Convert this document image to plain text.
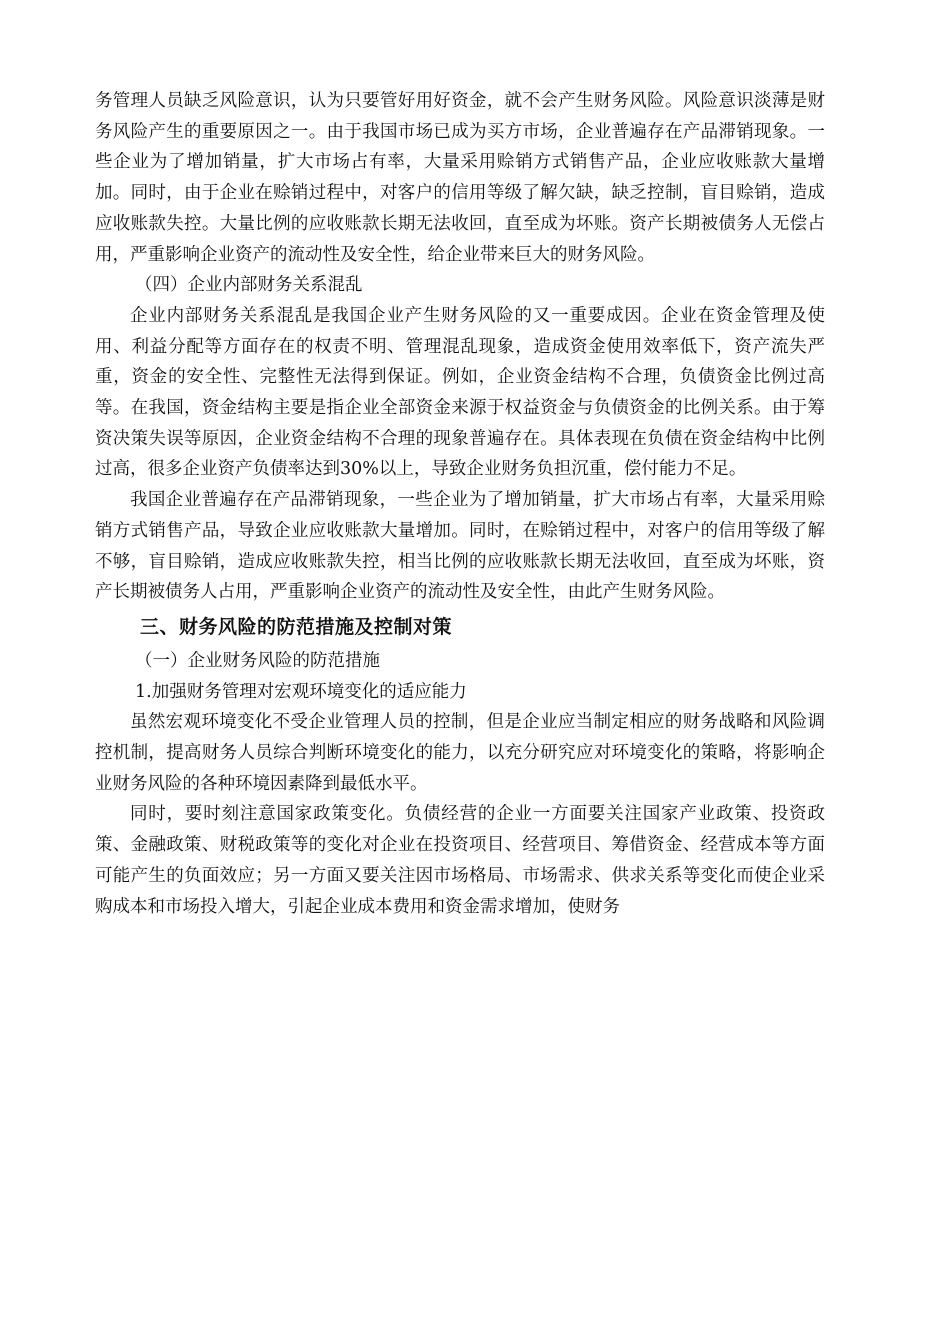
务管理人员缺乏风险意识，认为只要管好用好资金，就不会产生财务风险。风险意识淡薄是财务风险产生的重要原因之一。由于我国市场已成为买方市场，企业普遍存在产品滞销现象。一些企业为了增加销量，扩大市场占有率，大量采用赊销方式销售产品，企业应收账款大量增加。同时，由于企业在赊销过程中，对客户的信用等级了解欠缺，缺乏控制，盲目赊销，造成应收账款失控。大量比例的应收账款长期无法收回，直至成为坏账。资产长期被债务人无偿占用，严重影响企业资产的流动性及安全性，给企业带来巨大的财务风险。

（四）企业内部财务关系混乱

企业内部财务关系混乱是我国企业产生财务风险的又一重要成因。企业在资金管理及使用、利益分配等方面存在的权责不明、管理混乱现象，造成资金使用效率低下，资产流失严重，资金的安全性、完整性无法得到保证。例如，企业资金结构不合理，负债资金比例过高等。在我国，资金结构主要是指企业全部资金来源于权益资金与负债资金的比例关系。由于筹资决策失误等原因，企业资金结构不合理的现象普遍存在。具体表现在负债在资金结构中比例过高，很多企业资产负债率达到30%以上，导致企业财务负担沉重，偿付能力不足。

我国企业普遍存在产品滞销现象，一些企业为了增加销量，扩大市场占有率，大量采用赊销方式销售产品，导致企业应收账款大量增加。同时，在赊销过程中，对客户的信用等级了解不够，盲目赊销，造成应收账款失控，相当比例的应收账款长期无法收回，直至成为坏账，资产长期被债务人占用，严重影响企业资产的流动性及安全性，由此产生财务风险。

三、财务风险的防范措施及控制对策

（一）企业财务风险的防范措施

1.加强财务管理对宏观环境变化的适应能力

虽然宏观环境变化不受企业管理人员的控制，但是企业应当制定相应的财务战略和风险调控机制，提高财务人员综合判断环境变化的能力，以充分研究应对环境变化的策略，将影响企业财务风险的各种环境因素降到最低水平。

同时，要时刻注意国家政策变化。负债经营的企业一方面要关注国家产业政策、投资政策、金融政策、财税政策等的变化对企业在投资项目、经营项目、筹借资金、经营成本等方面可能产生的负面效应；另一方面又要关注因市场格局、市场需求、供求关系等变化而使企业采购成本和市场投入增大，引起企业成本费用和资金需求增加，使财务
